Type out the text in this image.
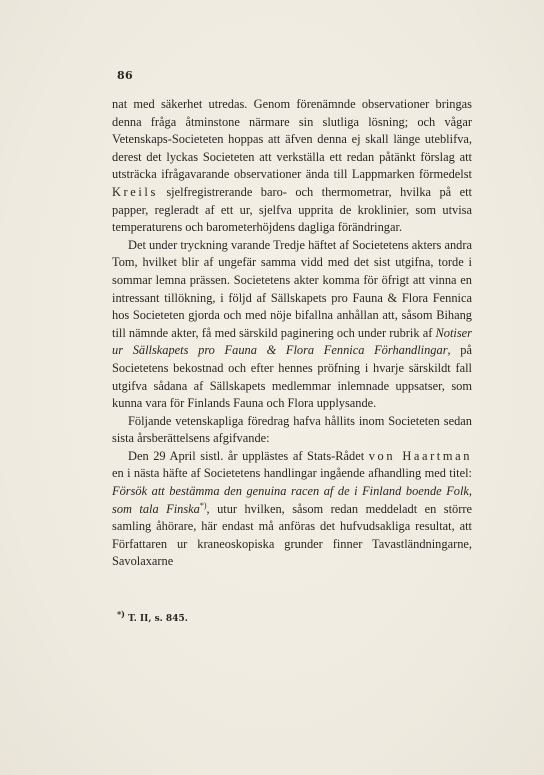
86

nat med säkerhet utredas. Genom förenämnde observationer bringas denna fråga åtminstone närmare sin slutliga lösning; och vågar Vetenskaps-Societeten hoppas att äfven denna ej skall länge uteblifva, derest det lyckas Societeten att verkställa ett redan påtänkt förslag att utsträcka ifrågavarande observationer ända till Lappmarken förmedelst Kreils sjelfregistrerande baro- och thermometrar, hvilka på ett papper, regleradt af ett ur, sjelfva upprita de kroklinier, som utvisa temperaturens och barometerhöjdens dagliga förändringar.

Det under tryckning varande Tredje häftet af Societetens akters andra Tom, hvilket blir af ungefär samma vidd med det sist utgifna, torde i sommar lemna prässen. Societetens akter komma för öfrigt att vinna en intressant tillökning, i följd af Sällskapets pro Fauna & Flora Fennica hos Societeten gjorda och med nöje bifallna anhållan att, såsom Bihang till nämnde akter, få med särskild paginering och under rubrik af Notiser ur Sällskapets pro Fauna & Flora Fennica Förhandlingar, på Societetens bekostnad och efter hennes pröfning i hvarje särskildt fall utgifva sådana af Sällskapets medlemmar inlemnade uppsatser, som kunna vara för Finlands Fauna och Flora upplysande.

Följande vetenskapliga föredrag hafva hållits inom Societeten sedan sista årsberättelsens afgifvande:

Den 29 April sistl. år upplästes af Stats-Rådet von Haartman en i nästa häfte af Societetens handlingar ingående afhandling med titel: Försök att bestämma den genuina racen af de i Finland boende Folk, som tala Finska*), utur hvilken, såsom redan meddeladt en större samling åhörare, här endast må anföras det hufvudsakliga resultat, att Författaren ur kraneoskopiska grunder finner Tavastländningarne, Savolaxarne

*) T. II, s. 845.
